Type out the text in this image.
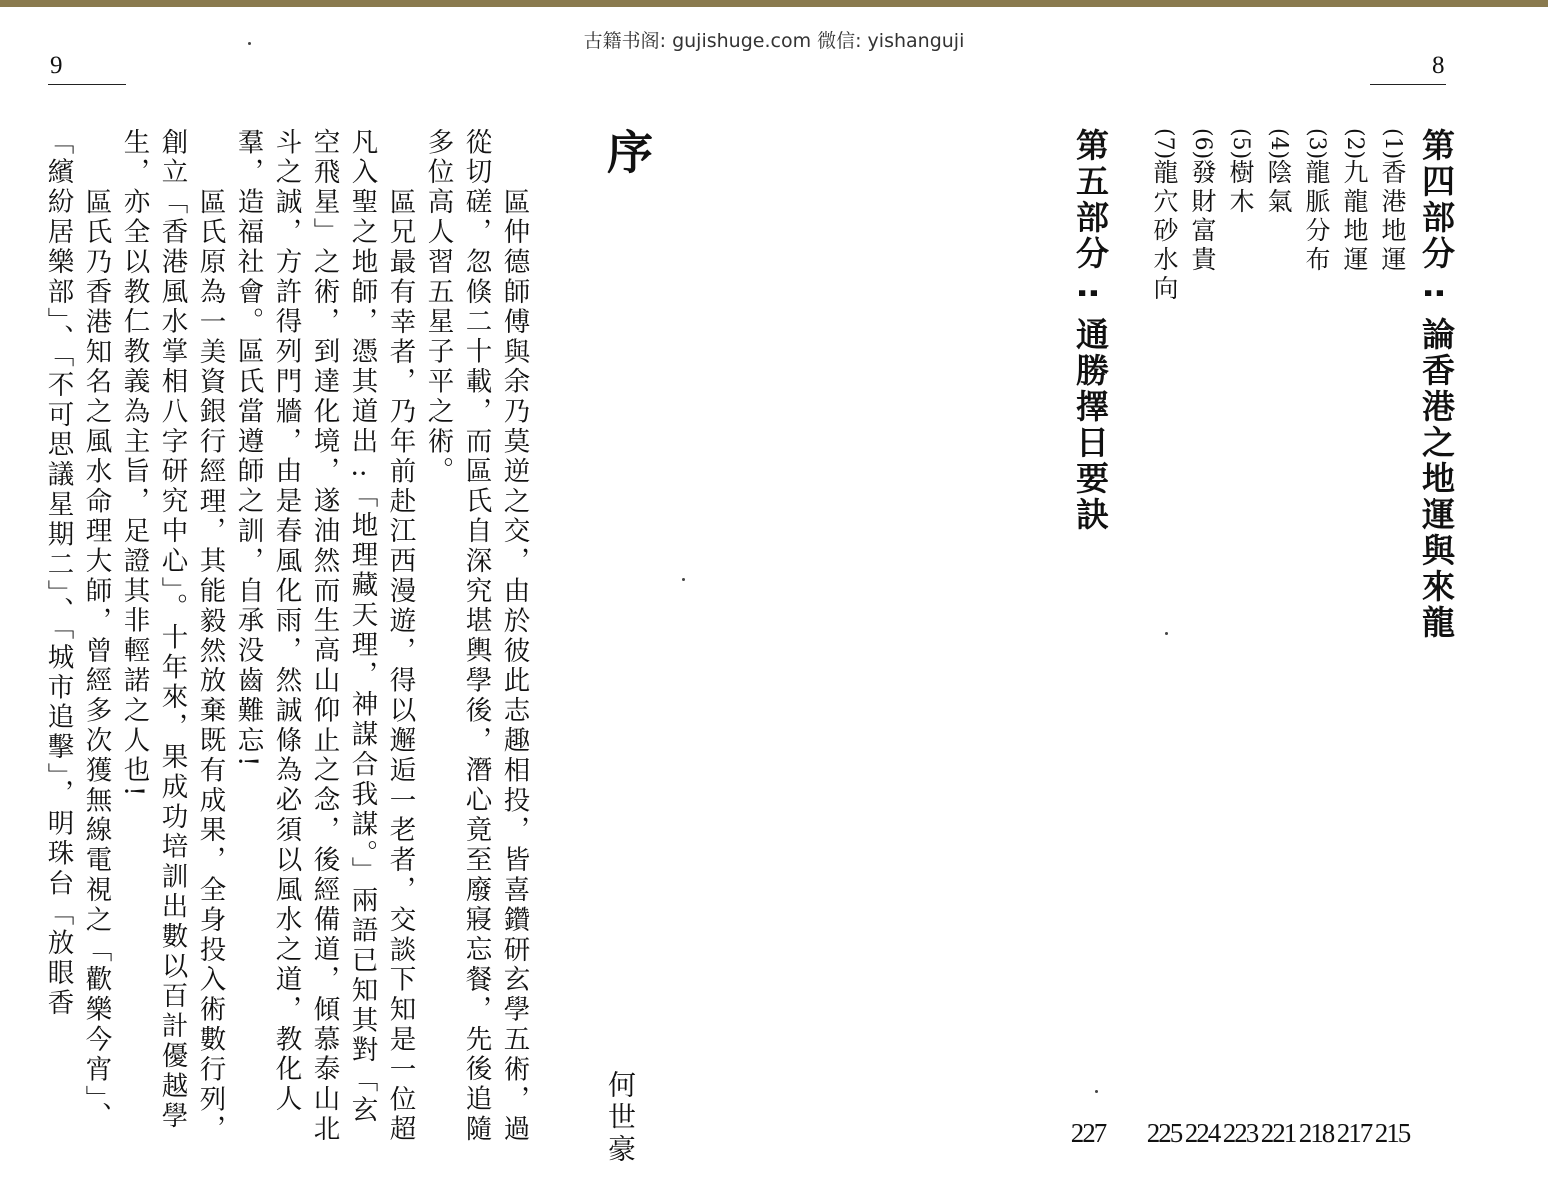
古籍书阁: gujishuge.com 微信: yishanguji
9	8
第四部分 : 論香港之地運與來龍
(1)香港地運
(2)九龍地運
(3)龍脈分布
(4)陰氣
(5)樹木
(6)發財富貴
(7)龍穴砂水向
第五部分 : 通勝擇日要訣
215
217
218
221
223
224
225
227
序
何世豪
區仲德師傅與余乃莫逆之交，由於彼此志趣相投，皆喜鑽研玄學五術，過
從切磋，忽倏二十載，而區氏自深究堪輿學後，潛心竟至廢寢忘餐，先後追隨
多位高人習五星子平之術。
區兄最有幸者，乃年前赴江西漫遊，得以邂逅一老者，交談下知是一位超
凡入聖之地師，憑其道出 :「地理藏天理，神謀合我謀。」兩語已知其對「玄
空飛星」之術，到達化境，遂油然而生高山仰止之念，後經備道，傾慕泰山北
斗之誠，方許得列門牆，由是春風化雨，然誠條為必須以風水之道，教化人
羣，造福社會。區氏當遵師之訓，自承没齒難忘!
區氏原為一美資銀行經理，其能毅然放棄既有成果，全身投入術數行列，
創立「香港風水掌相八字研究中心」。十年來，果成功培訓出數以百計優越學
生，亦全以教仁教義為主旨，足證其非輕諾之人也!
區氏乃香港知名之風水命理大師，曾經多次獲無線電視之「歡樂今宵」、
「繽紛居樂部」、「不可思議星期二」、「城市追擊」，明珠台「放眼香
